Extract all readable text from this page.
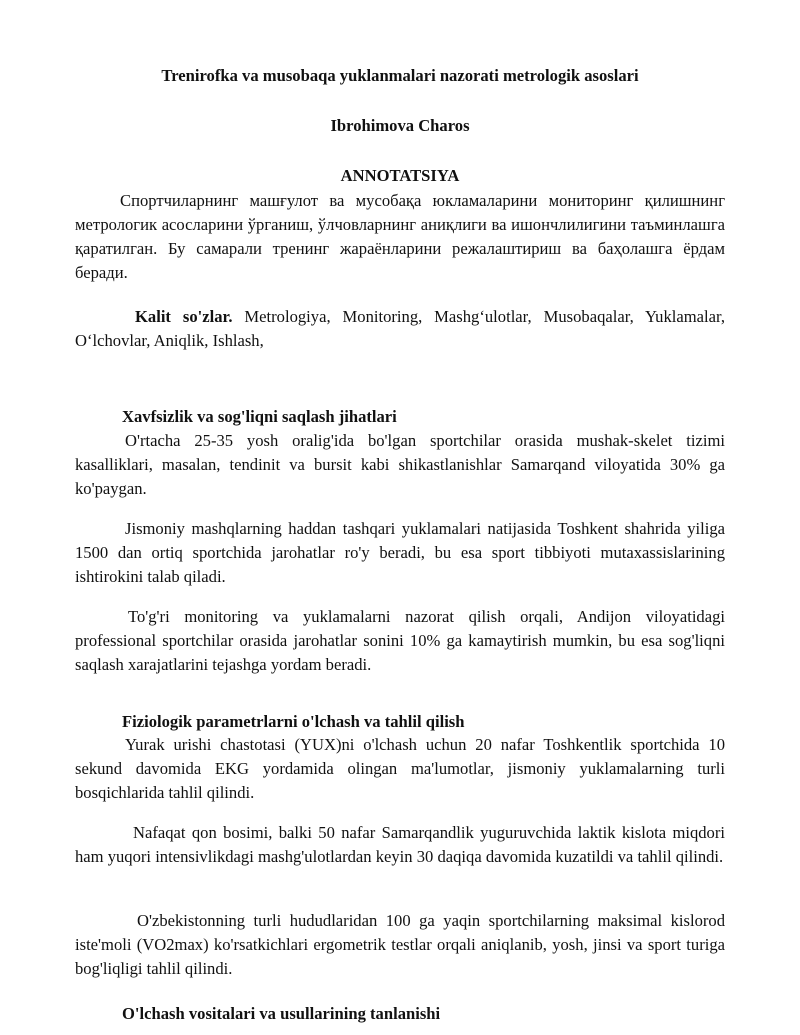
Trenirofka va musobaqa yuklanmalari nazorati metrologik asoslari
Ibrohimova Charos
ANNOTATSIYA

Спортчиларнинг машғулот ва мусобақа юкламаларини мониторинг қилишнинг метрологик асосларини ўрганиш, ўлчовларнинг аниқлиги ва ишончлилигини таъминлашга қаратилган. Бу самарали тренинг жараёнларини режалаштириш ва баҳолашга ёрдам беради.

Kalit so'zlar. Metrologiya, Monitoring, Mashg‘ulotlar, Musobaqalar, Yuklamalar, O‘lchovlar, Aniqlik, Ishlash,

Xavfsizlik va sog'liqni saqlash jihatlari

O'rtacha 25-35 yosh oralig'ida bo'lgan sportchilar orasida mushak-skelet tizimi kasalliklari, masalan, tendinit va bursit kabi shikastlanishlar Samarqand viloyatida 30% ga ko'paygan.

Jismoniy mashqlarning haddan tashqari yuklamalari natijasida Toshkent shahrida yiliga 1500 dan ortiq sportchida jarohatlar ro'y beradi, bu esa sport tibbiyoti mutaxassislarining ishtirokini talab qiladi.

To'g'ri monitoring va yuklamalarni nazorat qilish orqali, Andijon viloyatidagi professional sportchilar orasida jarohatlar sonini 10% ga kamaytirish mumkin, bu esa sog'liqni saqlash xarajatlarini tejashga yordam beradi.

Fiziologik parametrlarni o'lchash va tahlil qilish

Yurak urishi chastotasi (YUX)ni o'lchash uchun 20 nafar Toshkentlik sportchida 10 sekund davomida EKG yordamida olingan ma'lumotlar, jismoniy yuklamalarning turli bosqichlarida tahlil qilindi.

Nafaqat qon bosimi, balki 50 nafar Samarqandlik yuguruvchida laktik kislota miqdori ham yuqori intensivlikdagi mashg'ulotlardan keyin 30 daqiqa davomida kuzatildi va tahlil qilindi.

O'zbekistonning turli hududlaridan 100 ga yaqin sportchilarning maksimal kislorod iste'moli (VO2max) ko'rsatkichlari ergometrik testlar orqali aniqlanib, yosh, jinsi va sport turiga bog'liqligi tahlil qilindi.

O'lchash vositalari va usullarining tanlanishi
